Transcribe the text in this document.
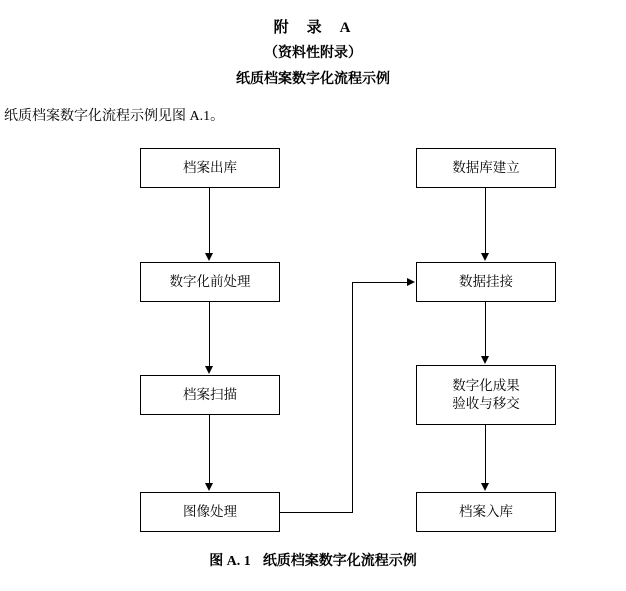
附 录 A
（资料性附录）
纸质档案数字化流程示例
纸质档案数字化流程示例见图 A.1。
档案出库
数字化前处理
档案扫描
图像处理
数据库建立
数据挂接
数字化成果
验收与移交
档案入库
图 A. 1 纸质档案数字化流程示例
